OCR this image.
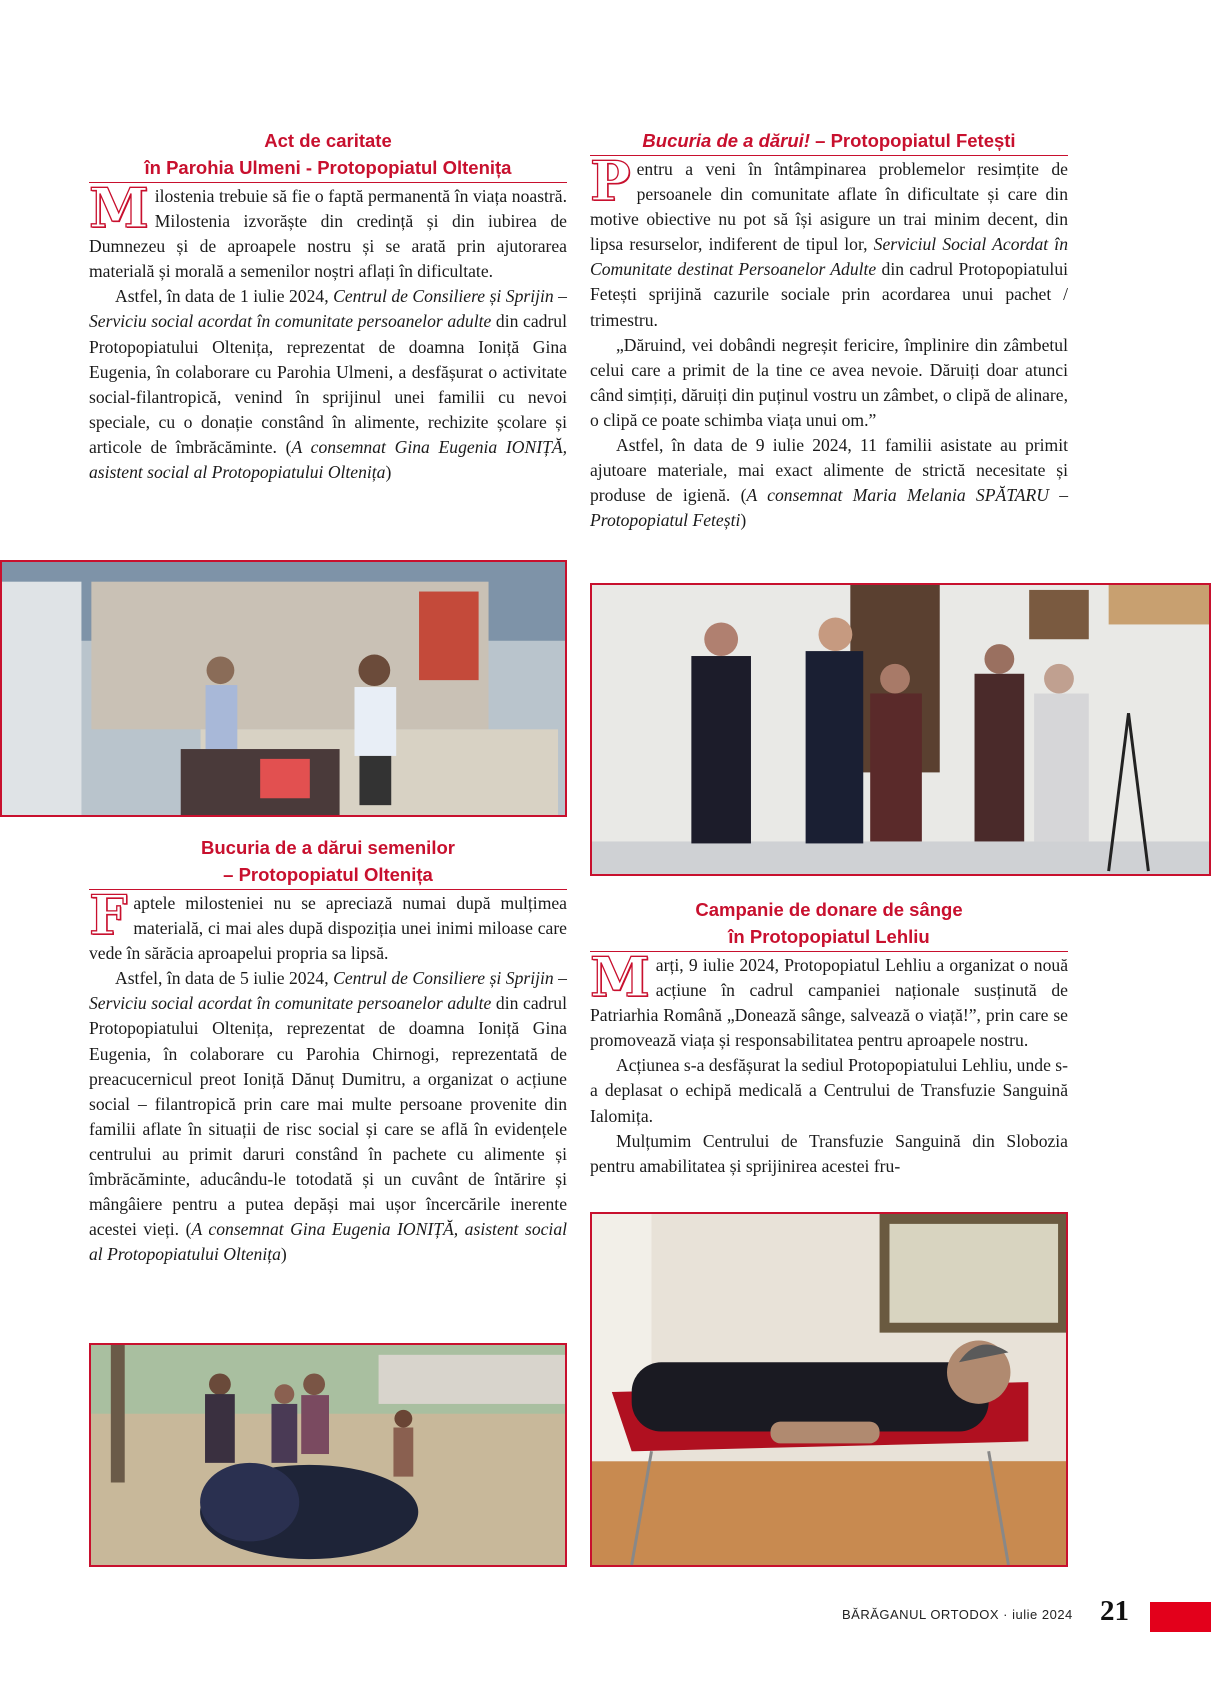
Act de caritate
în Parohia Ulmeni - Protopopiatul Oltenița

Milostenia trebuie să fie o faptă permanentă în viața noastră. Milostenia izvorăște din credință și din iubirea de Dumnezeu și de aproapele nostru și se arată prin ajutorarea materială și morală a semenilor noștri aflați în dificultate.

Astfel, în data de 1 iulie 2024, Centrul de Consiliere și Sprijin – Serviciu social acordat în comunitate persoanelor adulte din cadrul Protopopiatului Oltenița, reprezentat de doamna Ioniță Gina Eugenia, în colaborare cu Parohia Ulmeni, a desfășurat o activitate social-filantropică, venind în sprijinul unei familii cu nevoi speciale, cu o donație constând în alimente, rechizite școlare și articole de îmbrăcăminte. (A consemnat Gina Eugenia IONIȚĂ, asistent social al Protopopiatului Oltenița)

Bucuria de a dărui! – Protopopiatul Fetești

Pentru a veni în întâmpinarea problemelor resimțite de persoanele din comunitate aflate în dificultate și care din motive obiective nu pot să își asigure un trai minim decent, din lipsa resurselor, indiferent de tipul lor, Serviciul Social Acordat în Comunitate destinat Persoanelor Adulte din cadrul Protopopiatului Fetești sprijină cazurile sociale prin acordarea unui pachet / trimestru.

„Dăruind, vei dobândi negreșit fericire, împlinire din zâmbetul celui care a primit de la tine ce avea nevoie. Dăruiți doar atunci când simțiți, dăruiți din puținul vostru un zâmbet, o clipă de alinare, o clipă ce poate schimba viața unui om.”

Astfel, în data de 9 iulie 2024, 11 familii asistate au primit ajutoare materiale, mai exact alimente de strictă necesitate și produse de igienă. (A consemnat Maria Melania SPĂTARU – Protopopiatul Fetești)

Bucuria de a dărui semenilor
– Protopopiatul Oltenița

Faptele milosteniei nu se apreciază numai după mulțimea materială, ci mai ales după dispoziția unei inimi miloase care vede în sărăcia aproapelui propria sa lipsă.

Astfel, în data de 5 iulie 2024, Centrul de Consiliere și Sprijin – Serviciu social acordat în comunitate persoanelor adulte din cadrul Protopopiatului Oltenița, reprezentat de doamna Ioniță Gina Eugenia, în colaborare cu Parohia Chirnogi, reprezentată de preacucernicul preot Ioniță Dănuț Dumitru, a organizat o acțiune social – filantropică prin care mai multe persoane provenite din familii aflate în situații de risc social și care se află în evidențele centrului au primit daruri constând în pachete cu alimente și îmbrăcăminte, aducându-le totodată și un cuvânt de întărire și mângâiere pentru a putea depăși mai ușor încercările inerente acestei vieți. (A consemnat Gina Eugenia IONIȚĂ, asistent social al Protopopiatului Oltenița)

Campanie de donare de sânge
în Protopopiatul Lehliu

Marți, 9 iulie 2024, Protopopiatul Lehliu a organizat o nouă acțiune în cadrul campaniei naționale susținută de Patriarhia Română „Donează sânge, salvează o viață!”, prin care se promovează viața și responsabilitatea pentru aproapele nostru.

Acțiunea s-a desfășurat la sediul Protopopiatului Lehliu, unde s-a deplasat o echipă medicală a Centrului de Transfuzie Sanguină Ialomița.

Mulțumim Centrului de Transfuzie Sanguină din Slobozia pentru amabilitatea și sprijinirea acestei fru-

BĂRĂGANUL ORTODOX · iulie 2024 21
